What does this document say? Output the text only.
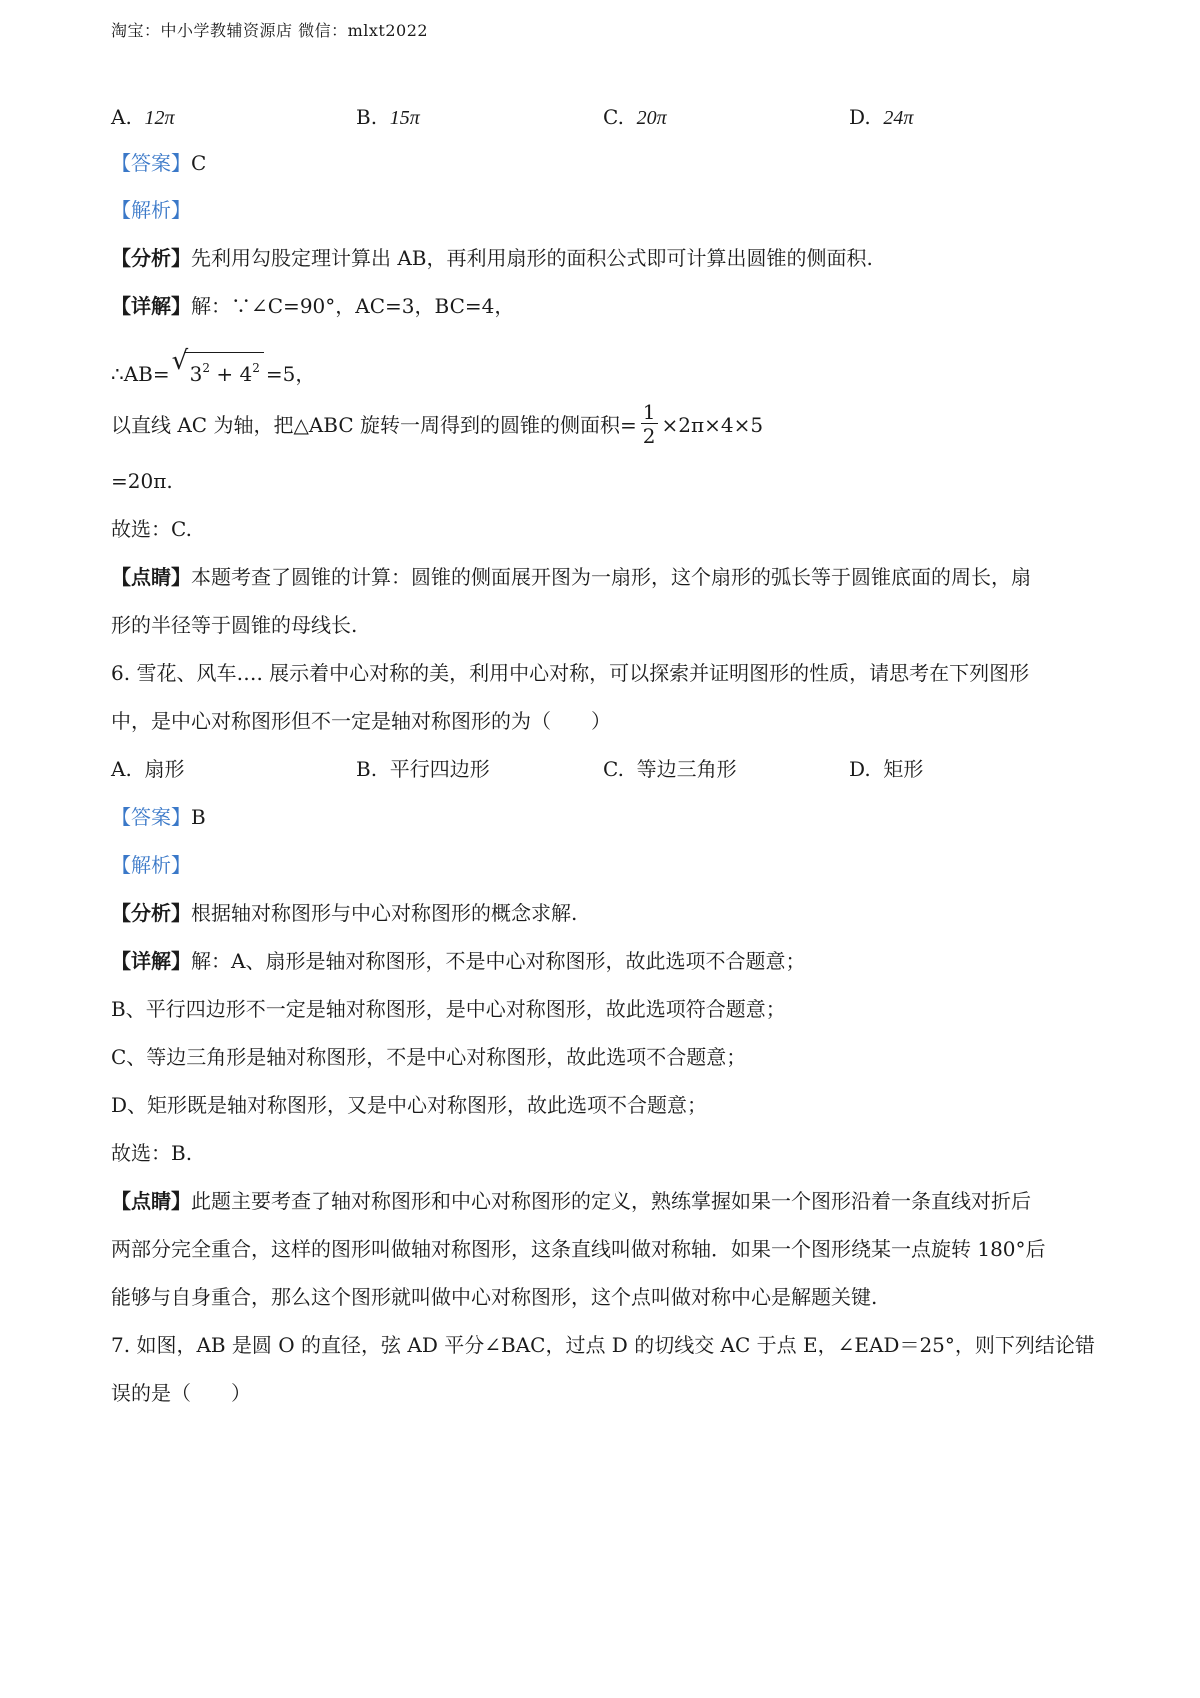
淘宝：中小学教辅资源店 微信：mlxt2022
A. 12π	B. 15π	C. 20π	D. 24π
【答案】C
【解析】
【分析】先利用勾股定理计算出 AB，再利用扇形的面积公式即可计算出圆锥的侧面积.
【详解】解：∵∠C=90°，AC=3，BC=4，
∴AB= √ $3^2 + 4^2 =5$，
以直线 AC 为轴，把△ABC 旋转一周得到的圆锥的侧面积= $\frac{1}{2} \times 2\pi\times 4\times 5$
=20π.
故选：C.
【点睛】本题考查了圆锥的计算：圆锥的侧面展开图为一扇形，这个扇形的弧长等于圆锥底面的周长，扇
形的半径等于圆锥的母线长.
6. 雪花、风车…. 展示着中心对称的美，利用中心对称，可以探索并证明图形的性质，请思考在下列图形
中，是中心对称图形但不一定是轴对称图形的为（　　）
A. 扇形	B. 平行四边形	C. 等边三角形	D. 矩形
【答案】B
【解析】
【分析】根据轴对称图形与中心对称图形的概念求解.
【详解】解：A、扇形是轴对称图形，不是中心对称图形，故此选项不合题意；
B、平行四边形不一定是轴对称图形，是中心对称图形，故此选项符合题意；
C、等边三角形是轴对称图形，不是中心对称图形，故此选项不合题意；
D、矩形既是轴对称图形，又是中心对称图形，故此选项不合题意；
故选：B.
【点睛】此题主要考查了轴对称图形和中心对称图形的定义，熟练掌握如果一个图形沿着一条直线对折后
两部分完全重合，这样的图形叫做轴对称图形，这条直线叫做对称轴．如果一个图形绕某一点旋转 180°后
能够与自身重合，那么这个图形就叫做中心对称图形，这个点叫做对称中心是解题关键.
7. 如图，AB 是圆 O 的直径，弦 AD 平分∠BAC，过点 D 的切线交 AC 于点 E，∠EAD＝25°，则下列结论错
误的是（　　）
